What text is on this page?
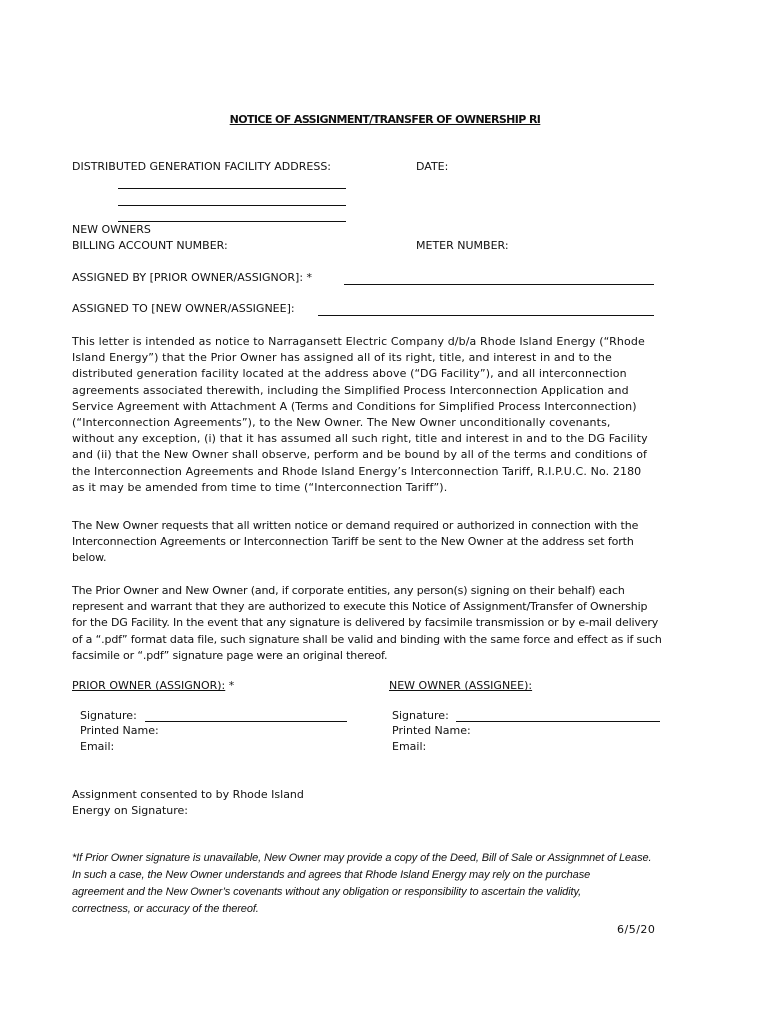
NOTICE OF ASSIGNMENT/TRANSFER OF OWNERSHIP RI
DISTRIBUTED GENERATION FACILITY ADDRESS:	DATE:
NEW OWNERS
BILLING ACCOUNT NUMBER:	METER NUMBER:
ASSIGNED BY [PRIOR OWNER/ASSIGNOR]: *
ASSIGNED TO [NEW OWNER/ASSIGNEE]:
This letter is intended as notice to Narragansett Electric Company d/b/a Rhode Island Energy (“Rhode
Island Energy”) that the Prior Owner has assigned all of its right, title, and interest in and to the
distributed generation facility located at the address above (“DG Facility”), and all interconnection
agreements associated therewith, including the Simplified Process Interconnection Application and
Service Agreement with Attachment A (Terms and Conditions for Simplified Process Interconnection)
(“Interconnection Agreements”), to the New Owner. The New Owner unconditionally covenants,
without any exception, (i) that it has assumed all such right, title and interest in and to the DG Facility
and (ii) that the New Owner shall observe, perform and be bound by all of the terms and conditions of
the Interconnection Agreements and Rhode Island Energy’s Interconnection Tariff, R.I.P.U.C. No. 2180
as it may be amended from time to time (“Interconnection Tariff”).
The New Owner requests that all written notice or demand required or authorized in connection with the
Interconnection Agreements or Interconnection Tariff be sent to the New Owner at the address set forth
below.
The Prior Owner and New Owner (and, if corporate entities, any person(s) signing on their behalf) each
represent and warrant that they are authorized to execute this Notice of Assignment/Transfer of Ownership
for the DG Facility. In the event that any signature is delivered by facsimile transmission or by e-mail delivery
of a “.pdf” format data file, such signature shall be valid and binding with the same force and effect as if such
facsimile or “.pdf” signature page were an original thereof.
PRIOR OWNER (ASSIGNOR): *
Signature:
Printed Name:
Email:
NEW OWNER (ASSIGNEE):
Signature:
Printed Name:
Email:
Assignment consented to by Rhode Island
Energy on Signature:
*If Prior Owner signature is unavailable, New Owner may provide a copy of the Deed, Bill of Sale or Assignmnet of Lease.
In such a case, the New Owner understands and agrees that Rhode Island Energy may rely on the purchase
agreement and the New Owner’s covenants without any obligation or responsibility to ascertain the validity,
correctness, or accuracy of the thereof.
6/5/20
